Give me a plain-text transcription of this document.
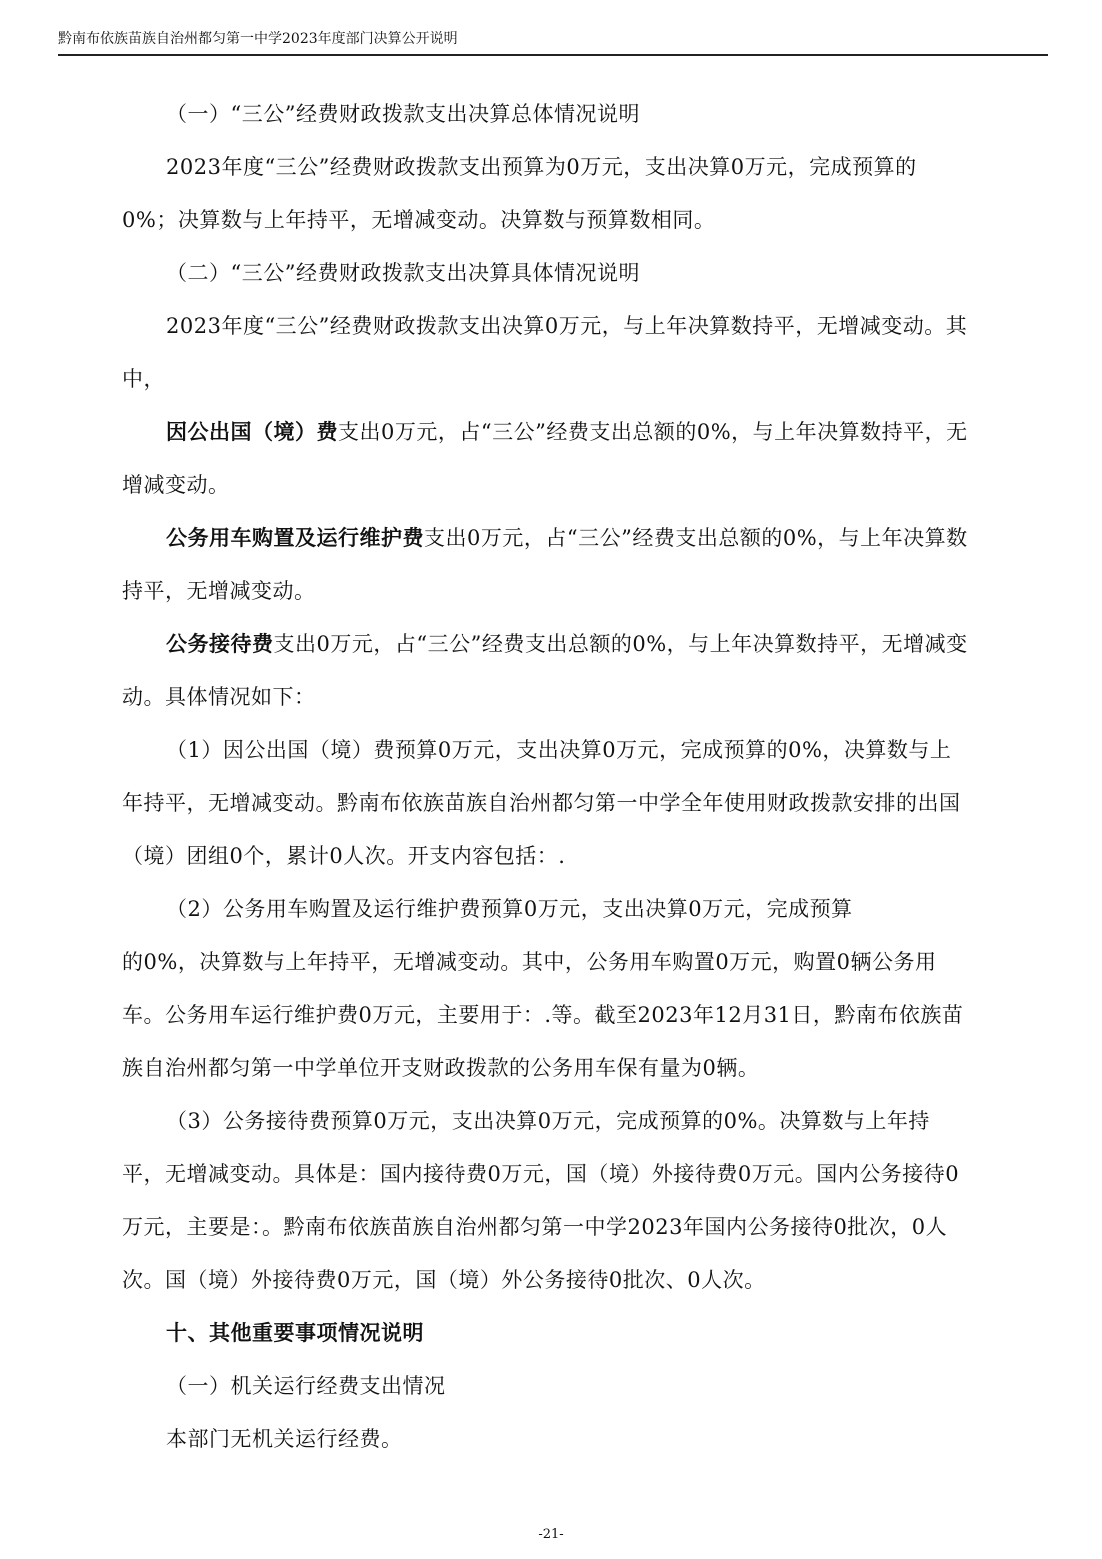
黔南布依族苗族自治州都匀第一中学2023年度部门决算公开说明

（一）“三公”经费财政拨款支出决算总体情况说明

2023年度“三公”经费财政拨款支出预算为0万元，支出决算0万元，完成预算的0%；决算数与上年持平，无增减变动。决算数与预算数相同。

（二）“三公”经费财政拨款支出决算具体情况说明

2023年度“三公”经费财政拨款支出决算0万元，与上年决算数持平，无增减变动。其中，

因公出国（境）费支出0万元，占“三公”经费支出总额的0%，与上年决算数持平，无增减变动。

公务用车购置及运行维护费支出0万元，占“三公”经费支出总额的0%，与上年决算数持平，无增减变动。

公务接待费支出0万元，占“三公”经费支出总额的0%，与上年决算数持平，无增减变动。具体情况如下：

（1）因公出国（境）费预算0万元，支出决算0万元，完成预算的0%，决算数与上年持平，无增减变动。黔南布依族苗族自治州都匀第一中学全年使用财政拨款安排的出国（境）团组0个，累计0人次。开支内容包括：.

（2）公务用车购置及运行维护费预算0万元，支出决算0万元，完成预算

的0%，决算数与上年持平，无增减变动。其中，公务用车购置0万元，购置0辆公务用车。公务用车运行维护费0万元，主要用于：.等。截至2023年12月31日，黔南布依族苗族自治州都匀第一中学单位开支财政拨款的公务用车保有量为0辆。

（3）公务接待费预算0万元，支出决算0万元，完成预算的0%。决算数与上年持平，无增减变动。具体是：国内接待费0万元，国（境）外接待费0万元。国内公务接待0万元，主要是：。黔南布依族苗族自治州都匀第一中学2023年国内公务接待0批次，0人次。国（境）外接待费0万元，国（境）外公务接待0批次、0人次。

十、其他重要事项情况说明

（一）机关运行经费支出情况

本部门无机关运行经费。

-21-
